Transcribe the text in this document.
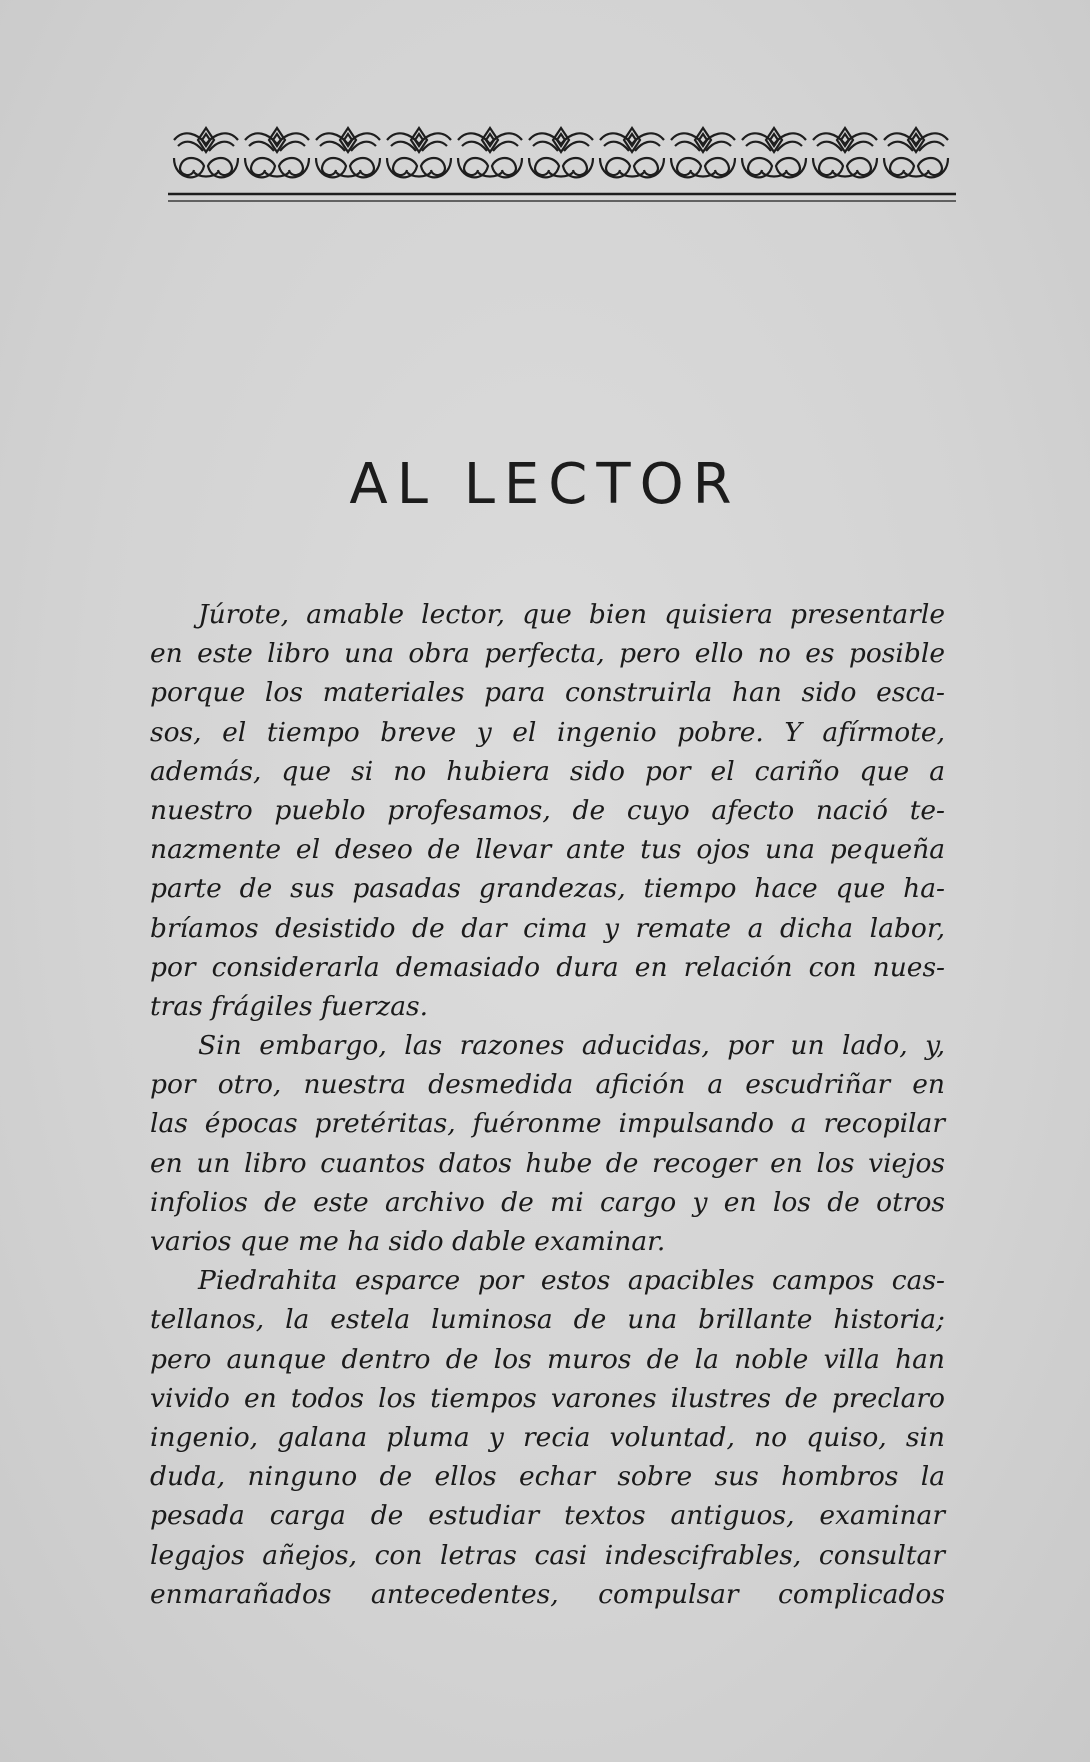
AL LECTOR
Júrote, amable lector, que bien quisiera presentarle
en este libro una obra perfecta, pero ello no es posible
porque los materiales para construirla han sido esca-
sos, el tiempo breve y el ingenio pobre. Y afírmote,
además, que si no hubiera sido por el cariño que a
nuestro pueblo profesamos, de cuyo afecto nació te-
nazmente el deseo de llevar ante tus ojos una pequeña
parte de sus pasadas grandezas, tiempo hace que ha-
bríamos desistido de dar cima y remate a dicha labor,
por considerarla demasiado dura en relación con nues-
tras frágiles fuerzas.
Sin embargo, las razones aducidas, por un lado, y,
por otro, nuestra desmedida afición a escudriñar en
las épocas pretéritas, fuéronme impulsando a recopilar
en un libro cuantos datos hube de recoger en los viejos
infolios de este archivo de mi cargo y en los de otros
varios que me ha sido dable examinar.
Piedrahita esparce por estos apacibles campos cas-
tellanos, la estela luminosa de una brillante historia;
pero aunque dentro de los muros de la noble villa han
vivido en todos los tiempos varones ilustres de preclaro
ingenio, galana pluma y recia voluntad, no quiso, sin
duda, ninguno de ellos echar sobre sus hombros la
pesada carga de estudiar textos antiguos, examinar
legajos añejos, con letras casi indescifrables, consultar
enmarañados antecedentes, compulsar complicados
